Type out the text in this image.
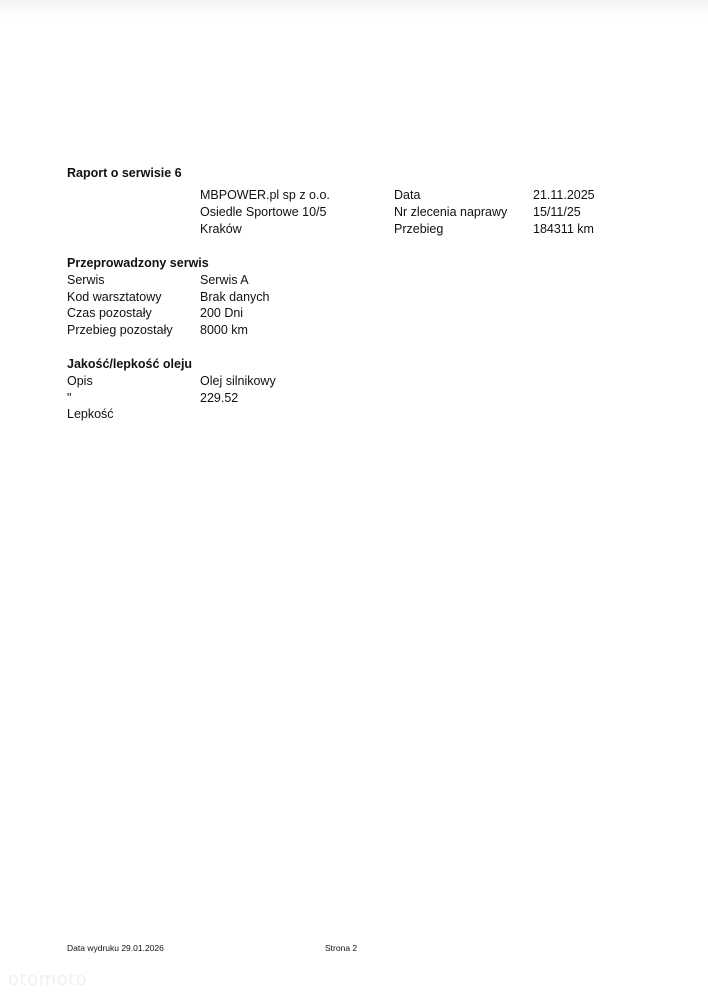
Raport o serwisie 6
MBPOWER.pl sp z o.o.
Osiedle Sportowe 10/5
Kraków
Data
Nr zlecenia naprawy
Przebieg
21.11.2025
15/11/25
184311 km
Przeprowadzony serwis
Serwis
Kod warsztatowy
Czas pozostały
Przebieg pozostały
Serwis A
Brak danych
200 Dni
8000 km
Jakość/lepkość oleju
Opis
"
Lepkość
Olej silnikowy
229.52
Data wydruku 29.01.2026	Strona 2
otomoto
